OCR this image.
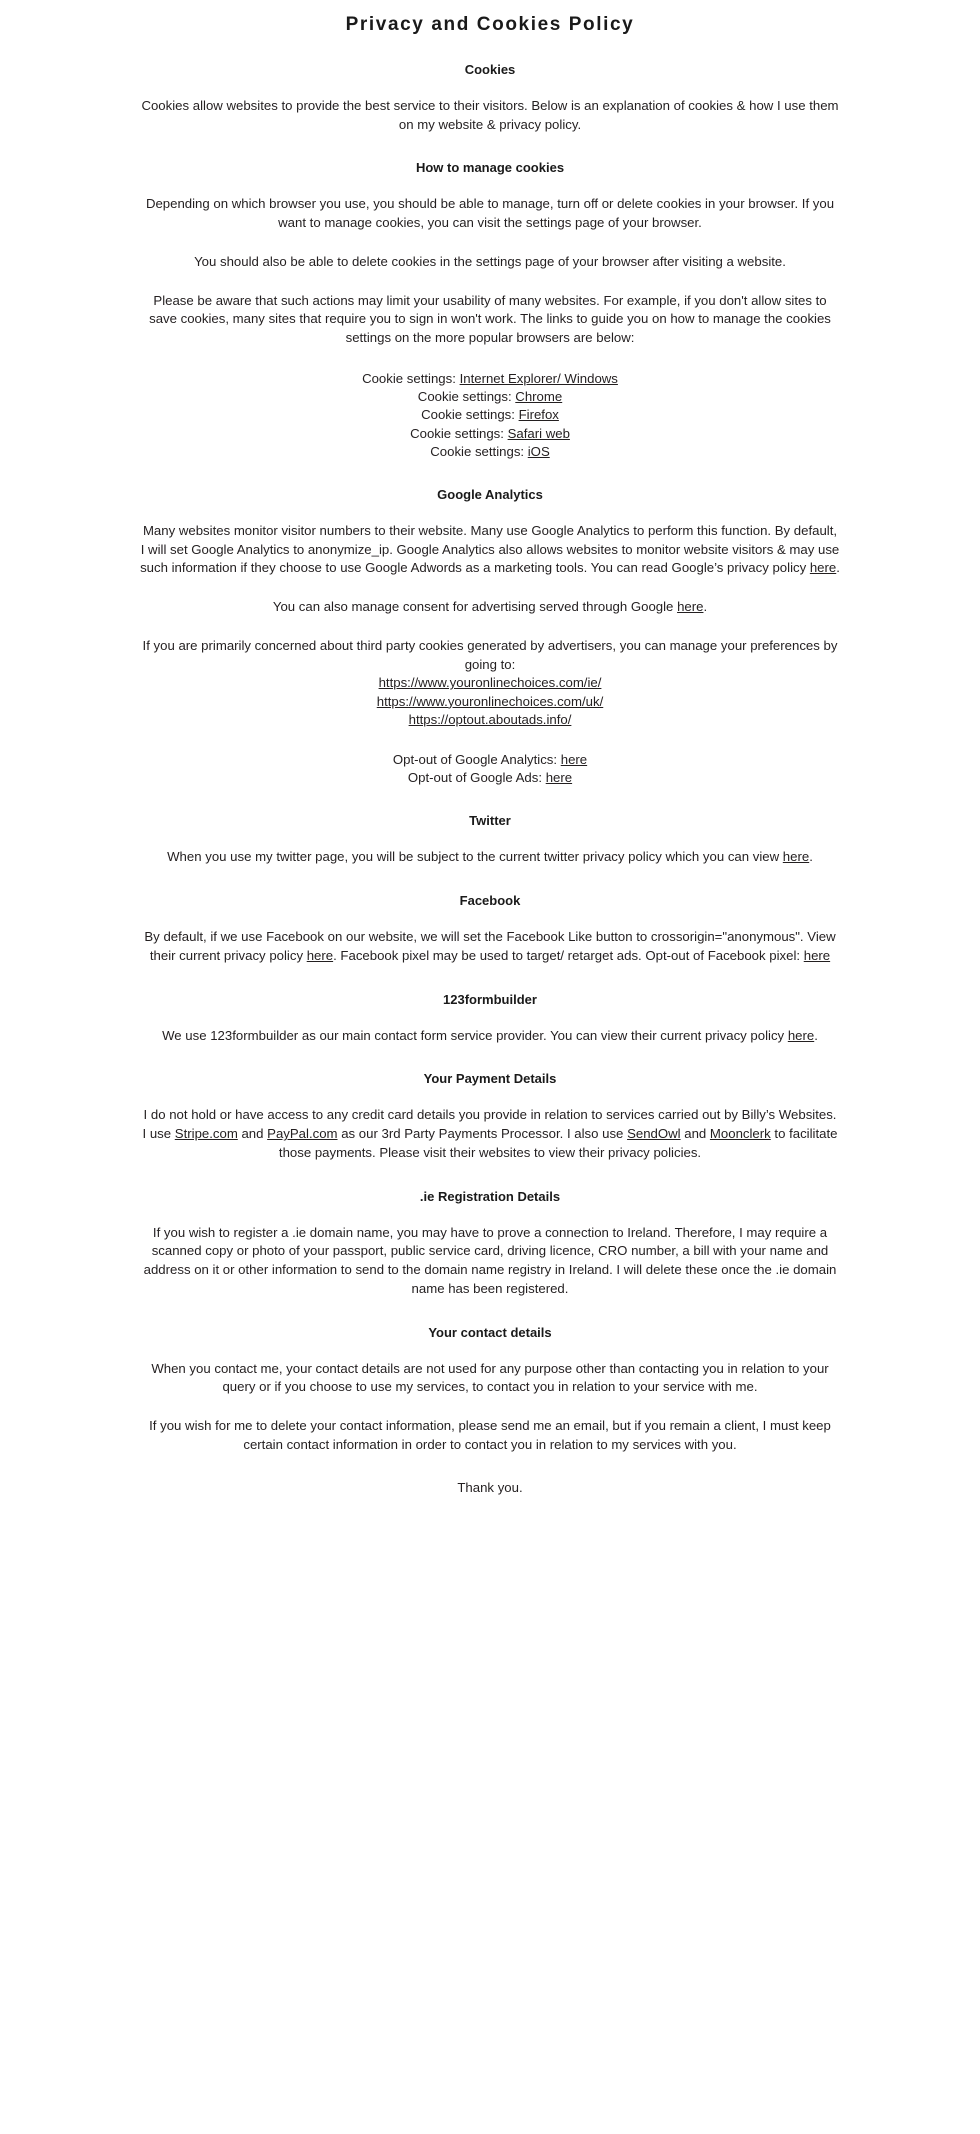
Privacy and Cookies Policy
Cookies

Cookies allow websites to provide the best service to their visitors. Below is an explanation of cookies & how I use them on my website & privacy policy.

How to manage cookies

Depending on which browser you use, you should be able to manage, turn off or delete cookies in your browser. If you want to manage cookies, you can visit the settings page of your browser.

You should also be able to delete cookies in the settings page of your browser after visiting a website.

Please be aware that such actions may limit your usability of many websites. For example, if you don't allow sites to save cookies, many sites that require you to sign in won't work. The links to guide you on how to manage the cookies settings on the more popular browsers are below:

Cookie settings: Internet Explorer/ Windows
Cookie settings: Chrome
Cookie settings: Firefox
Cookie settings: Safari web
Cookie settings: iOS
Google Analytics

Many websites monitor visitor numbers to their website. Many use Google Analytics to perform this function. By default, I will set Google Analytics to anonymize_ip. Google Analytics also allows websites to monitor website visitors & may use such information if they choose to use Google Adwords as a marketing tools. You can read Google’s privacy policy here.

You can also manage consent for advertising served through Google here.

If you are primarily concerned about third party cookies generated by advertisers, you can manage your preferences by going to:

https://www.youronlinechoices.com/ie/
https://www.youronlinechoices.com/uk/
https://optout.aboutads.info/
Opt-out of Google Analytics: here
Opt-out of Google Ads: here
Twitter

When you use my twitter page, you will be subject to the current twitter privacy policy which you can view here.

Facebook

By default, if we use Facebook on our website, we will set the Facebook Like button to crossorigin="anonymous". View their current privacy policy here. Facebook pixel may be used to target/ retarget ads. Opt-out of Facebook pixel: here

123formbuilder

We use 123formbuilder as our main contact form service provider. You can view their current privacy policy here.

Your Payment Details

I do not hold or have access to any credit card details you provide in relation to services carried out by Billy’s Websites. I use Stripe.com and PayPal.com as our 3rd Party Payments Processor. I also use SendOwl and Moonclerk to facilitate those payments. Please visit their websites to view their privacy policies.

.ie Registration Details

If you wish to register a .ie domain name, you may have to prove a connection to Ireland. Therefore, I may require a scanned copy or photo of your passport, public service card, driving licence, CRO number, a bill with your name and address on it or other information to send to the domain name registry in Ireland. I will delete these once the .ie domain name has been registered.

Your contact details

When you contact me, your contact details are not used for any purpose other than contacting you in relation to your query or if you choose to use my services, to contact you in relation to your service with me.

If you wish for me to delete your contact information, please send me an email, but if you remain a client, I must keep certain contact information in order to contact you in relation to my services with you.

Thank you.
